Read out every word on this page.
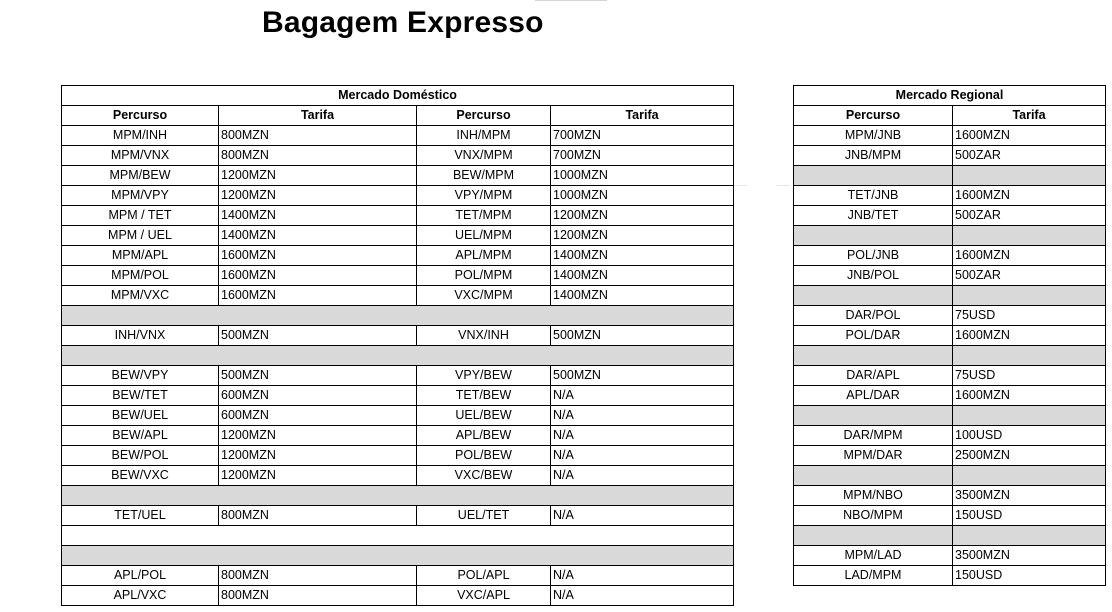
Bagagem Expresso
Mercado Doméstico			
Percurso	Tarifa	Percurso	Tarifa
MPM/INH	800MZN	INH/MPM	700MZN
MPM/VNX	800MZN	VNX/MPM	700MZN
MPM/BEW	1200MZN	BEW/MPM	1000MZN
MPM/VPY	1200MZN	VPY/MPM	1000MZN
MPM / TET	1400MZN	TET/MPM	1200MZN
MPM / UEL	1400MZN	UEL/MPM	1200MZN
MPM/APL	1600MZN	APL/MPM	1400MZN
MPM/POL	1600MZN	POL/MPM	1400MZN
MPM/VXC	1600MZN	VXC/MPM	1400MZN

INH/VNX	500MZN	VNX/INH	500MZN

BEW/VPY	500MZN	VPY/BEW	500MZN
BEW/TET	600MZN	TET/BEW	N/A
BEW/UEL	600MZN	UEL/BEW	N/A
BEW/APL	1200MZN	APL/BEW	N/A
BEW/POL	1200MZN	POL/BEW	N/A
BEW/VXC	1200MZN	VXC/BEW	N/A

TET/UEL	800MZN	UEL/TET	N/A

APL/POL	800MZN	POL/APL	N/A
APL/VXC	800MZN	VXC/APL	N/A
Mercado Regional	
Percurso	Tarifa
MPM/JNB	1600MZN
JNB/MPM	500ZAR

TET/JNB	1600MZN
JNB/TET	500ZAR

POL/JNB	1600MZN
JNB/POL	500ZAR

DAR/POL	75USD
POL/DAR	1600MZN

DAR/APL	75USD
APL/DAR	1600MZN

DAR/MPM	100USD
MPM/DAR	2500MZN

MPM/NBO	3500MZN
NBO/MPM	150USD

MPM/LAD	3500MZN
LAD/MPM	150USD
